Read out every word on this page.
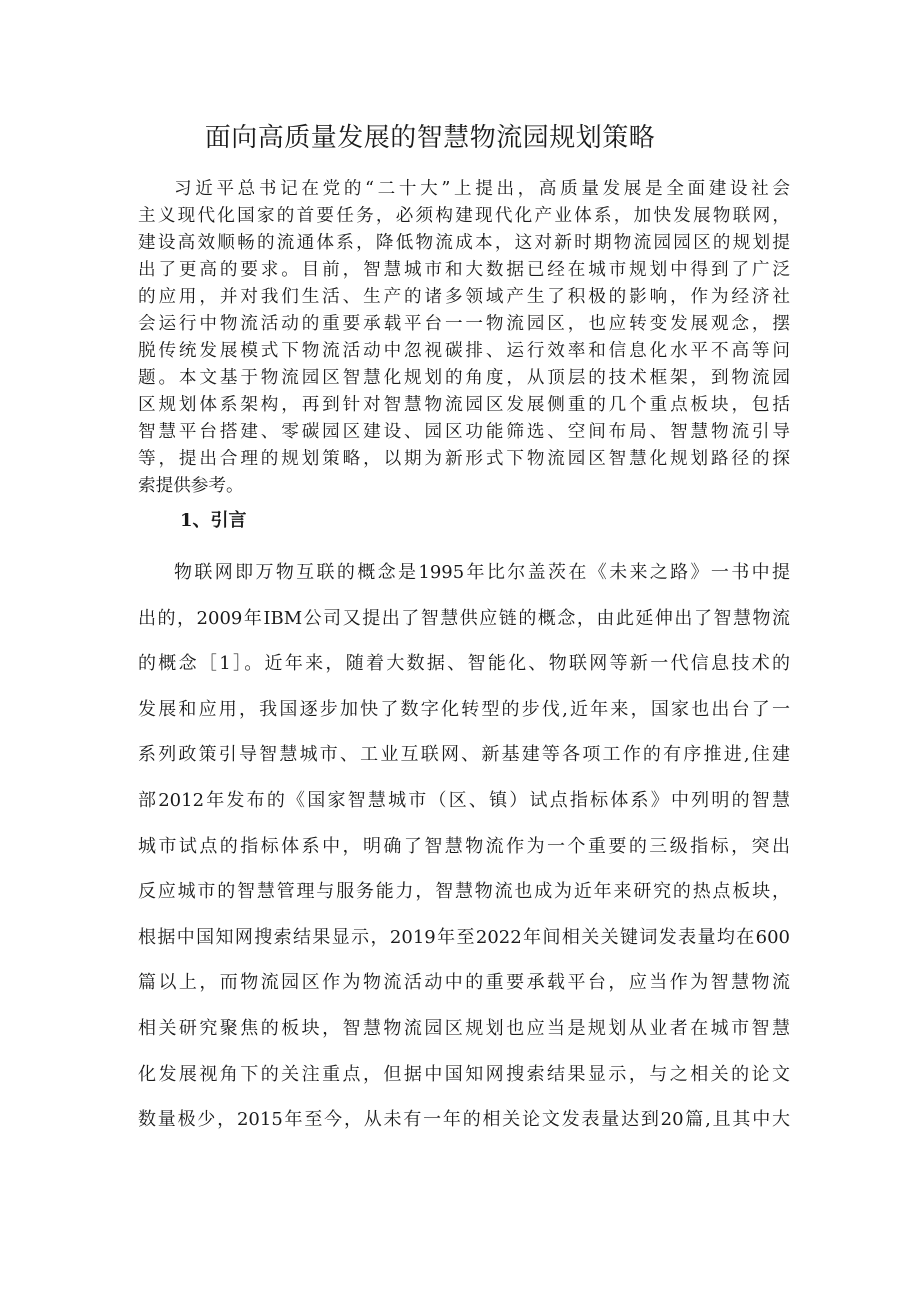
面向高质量发展的智慧物流园规划策略
习近平总书记在党的“二十大”上提出，高质量发展是全面建设社会
主义现代化国家的首要任务，必须构建现代化产业体系，加快发展物联网，
建设高效顺畅的流通体系，降低物流成本，这对新时期物流园园区的规划提
出了更高的要求。目前，智慧城市和大数据已经在城市规划中得到了广泛
的应用，并对我们生活、生产的诸多领域产生了积极的影响，作为经济社
会运行中物流活动的重要承载平台一一物流园区，也应转变发展观念，摆
脱传统发展模式下物流活动中忽视碳排、运行效率和信息化水平不高等问
题。本文基于物流园区智慧化规划的角度，从顶层的技术框架，到物流园
区规划体系架构，再到针对智慧物流园区发展侧重的几个重点板块，包括
智慧平台搭建、零碳园区建设、园区功能筛选、空间布局、智慧物流引导
等，提出合理的规划策略，以期为新形式下物流园区智慧化规划路径的探
索提供参考。
1、引言
物联网即万物互联的概念是1995年比尔盖茨在《未来之路》一书中提
出的，2009年IBM公司又提出了智慧供应链的概念，由此延伸出了智慧物流
的概念［1］。近年来，随着大数据、智能化、物联网等新一代信息技术的
发展和应用，我国逐步加快了数字化转型的步伐,近年来，国家也出台了一
系列政策引导智慧城市、工业互联网、新基建等各项工作的有序推进,住建
部2012年发布的《国家智慧城市（区、镇）试点指标体系》中列明的智慧
城市试点的指标体系中，明确了智慧物流作为一个重要的三级指标，突出
反应城市的智慧管理与服务能力，智慧物流也成为近年来研究的热点板块，
根据中国知网搜索结果显示，2019年至2022年间相关关键词发表量均在600
篇以上，而物流园区作为物流活动中的重要承载平台，应当作为智慧物流
相关研究聚焦的板块，智慧物流园区规划也应当是规划从业者在城市智慧
化发展视角下的关注重点，但据中国知网搜索结果显示，与之相关的论文
数量极少，2015年至今，从未有一年的相关论文发表量达到20篇,且其中大
